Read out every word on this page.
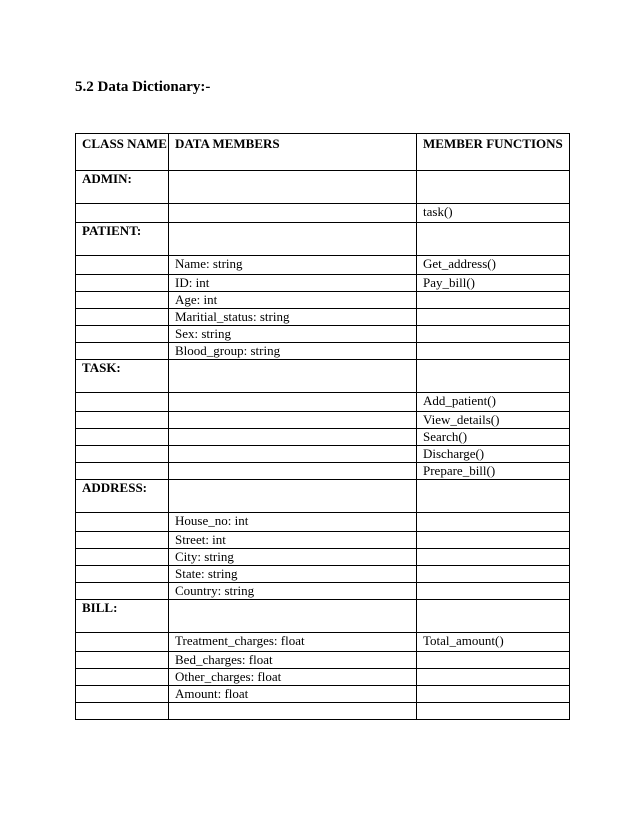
5.2 Data Dictionary:-
CLASS NAME	DATA MEMBERS	MEMBER FUNCTIONS
ADMIN:		
		task()
PATIENT:		
	Name: string	Get_address()
	ID: int	Pay_bill()
	Age: int	
	Maritial_status: string	
	Sex: string	
	Blood_group: string	
TASK:		
		Add_patient()
		View_details()
		Search()
		Discharge()
		Prepare_bill()
ADDRESS:		
	House_no: int	
	Street: int	
	City: string	
	State: string	
	Country: string	
BILL:		
	Treatment_charges: float	Total_amount()
	Bed_charges: float	
	Other_charges: float	
	Amount: float	
